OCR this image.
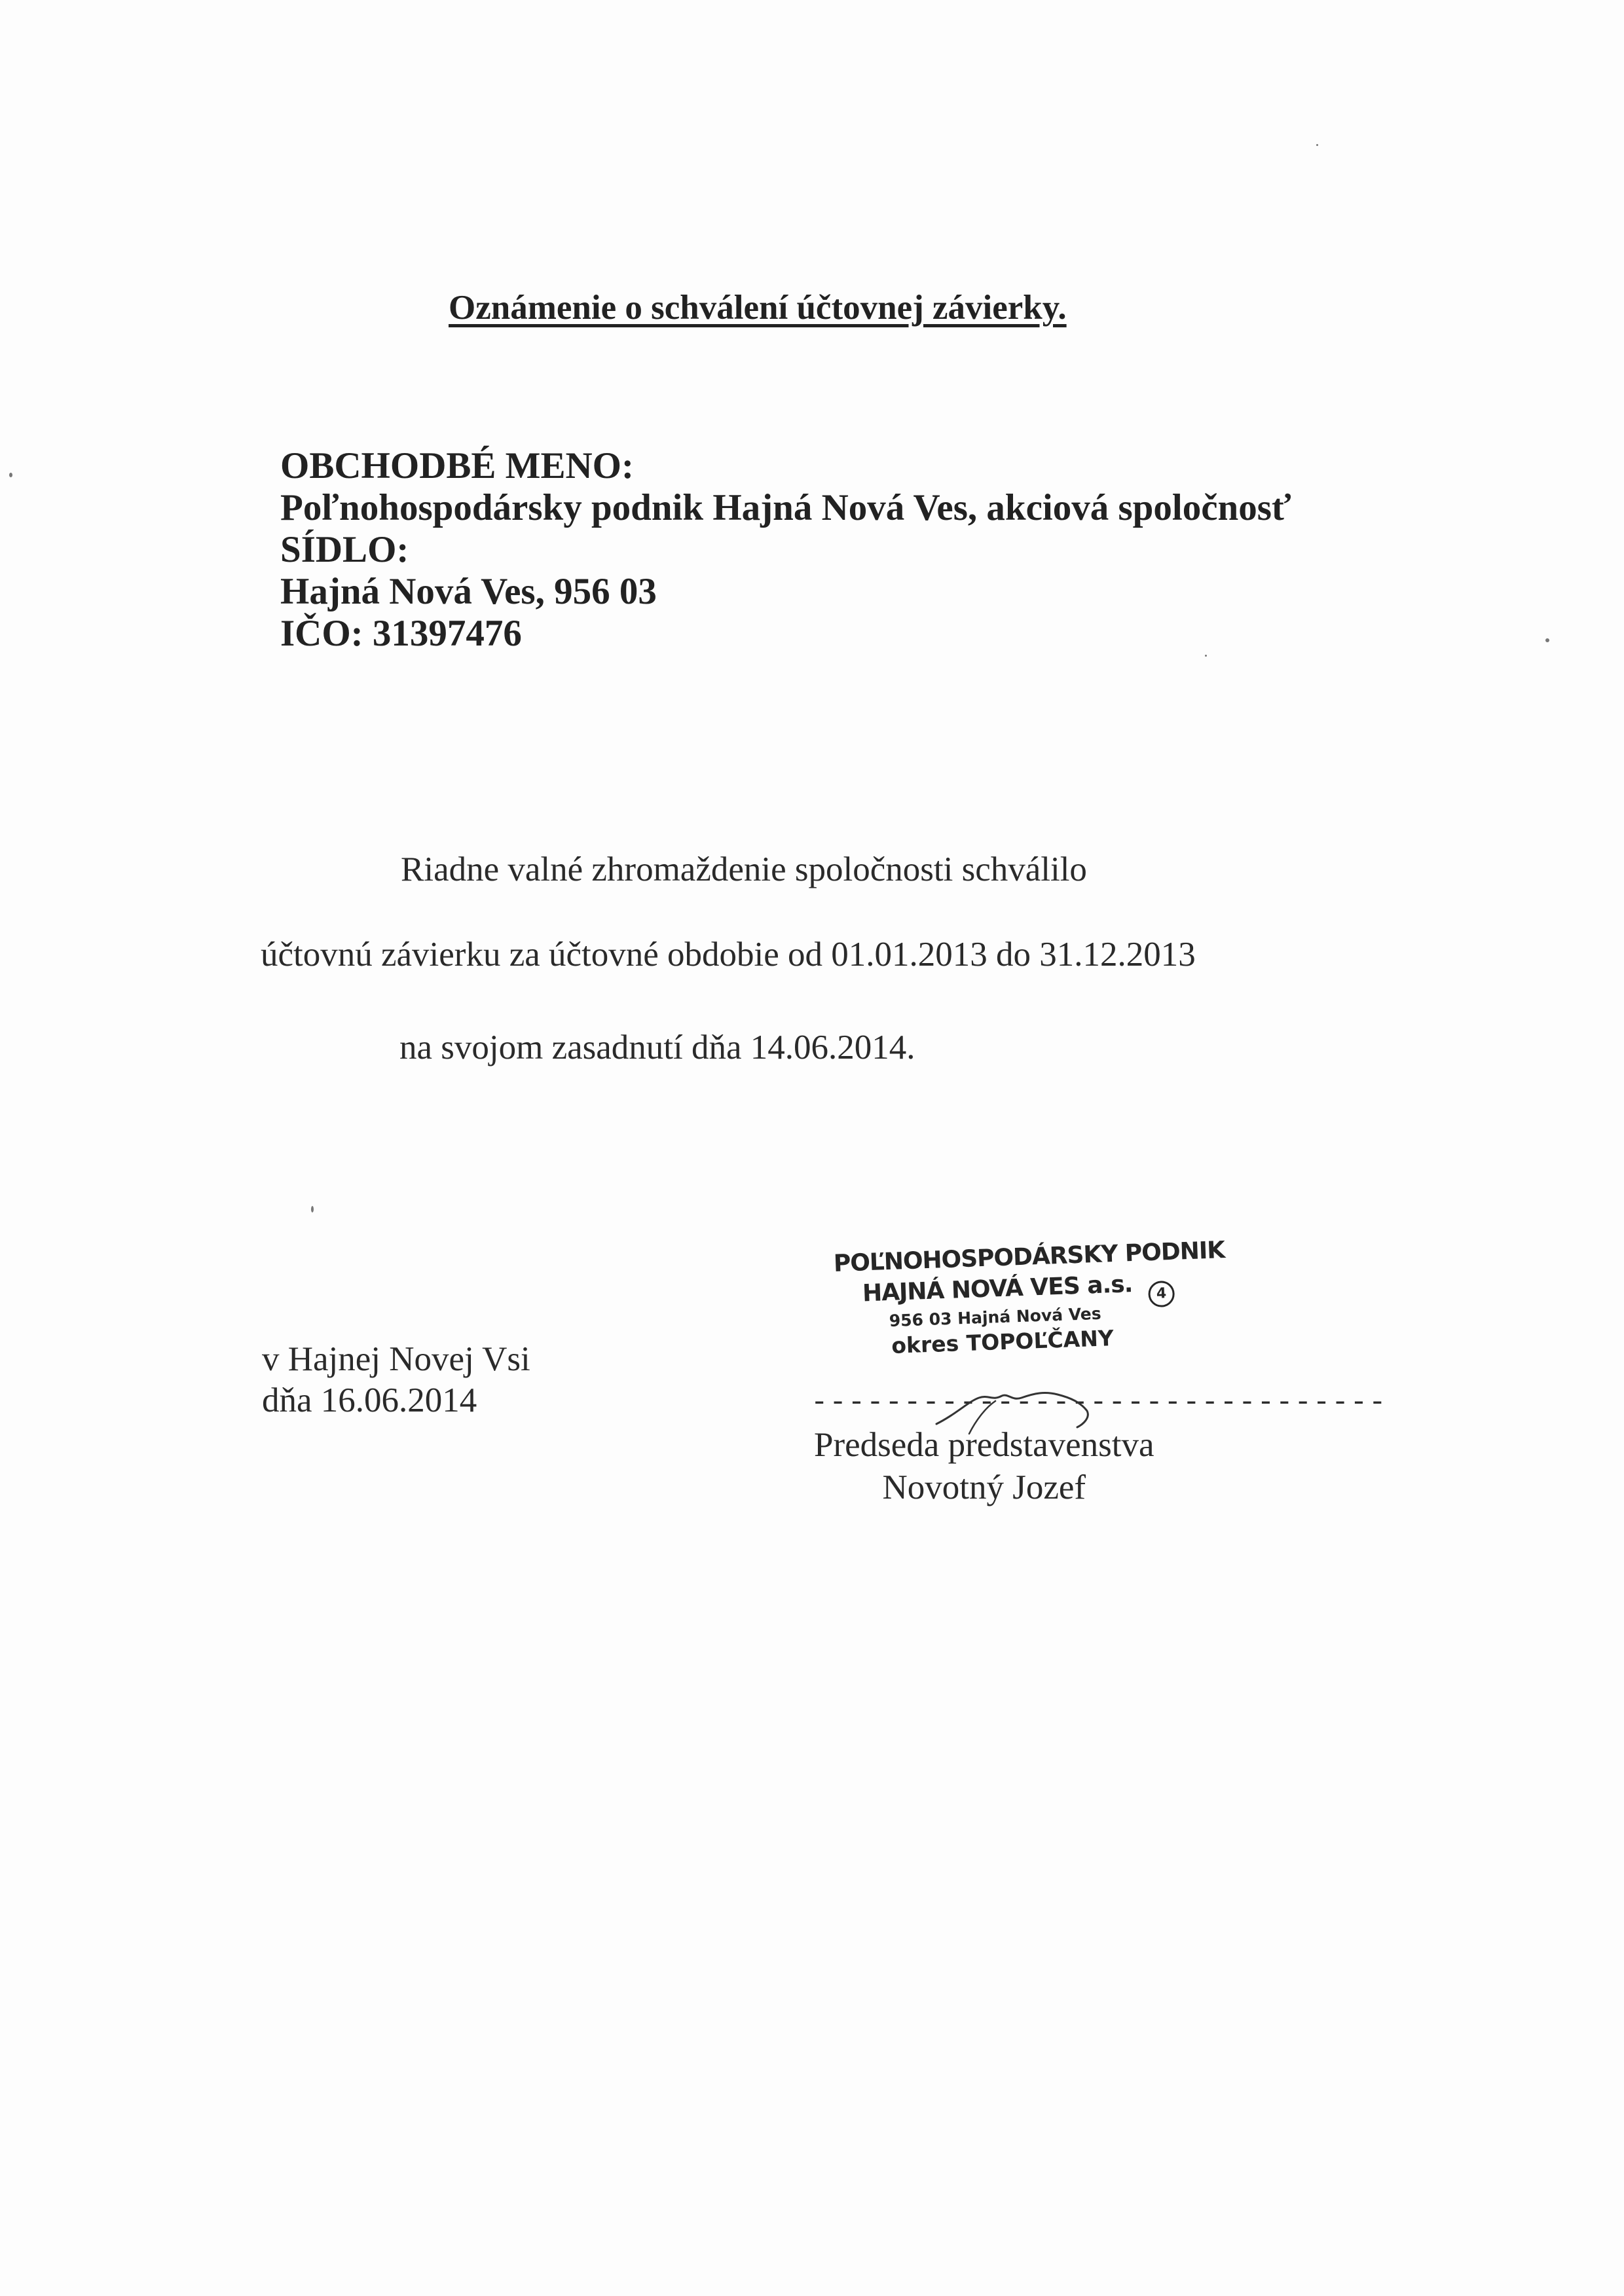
Oznámenie o schválení účtovnej závierky.
OBCHODBÉ MENO:
Poľnohospodársky podnik Hajná Nová Ves, akciová spoločnosť
SÍDLO:
Hajná Nová Ves, 956 03
IČO: 31397476
Riadne valné zhromaždenie spoločnosti schválilo
účtovnú závierku za účtovné obdobie od 01.01.2013 do 31.12.2013
na svojom zasadnutí dňa 14.06.2014.
v Hajnej Novej Vsi
dňa 16.06.2014
POĽNOHOSPODÁRSKY PODNIK
HAJNÁ NOVÁ VES a.s.
956 03 Hajná Nová Ves
okres TOPOĽČANY
4
-------------------------------
Predseda predstavenstva
Novotný Jozef
